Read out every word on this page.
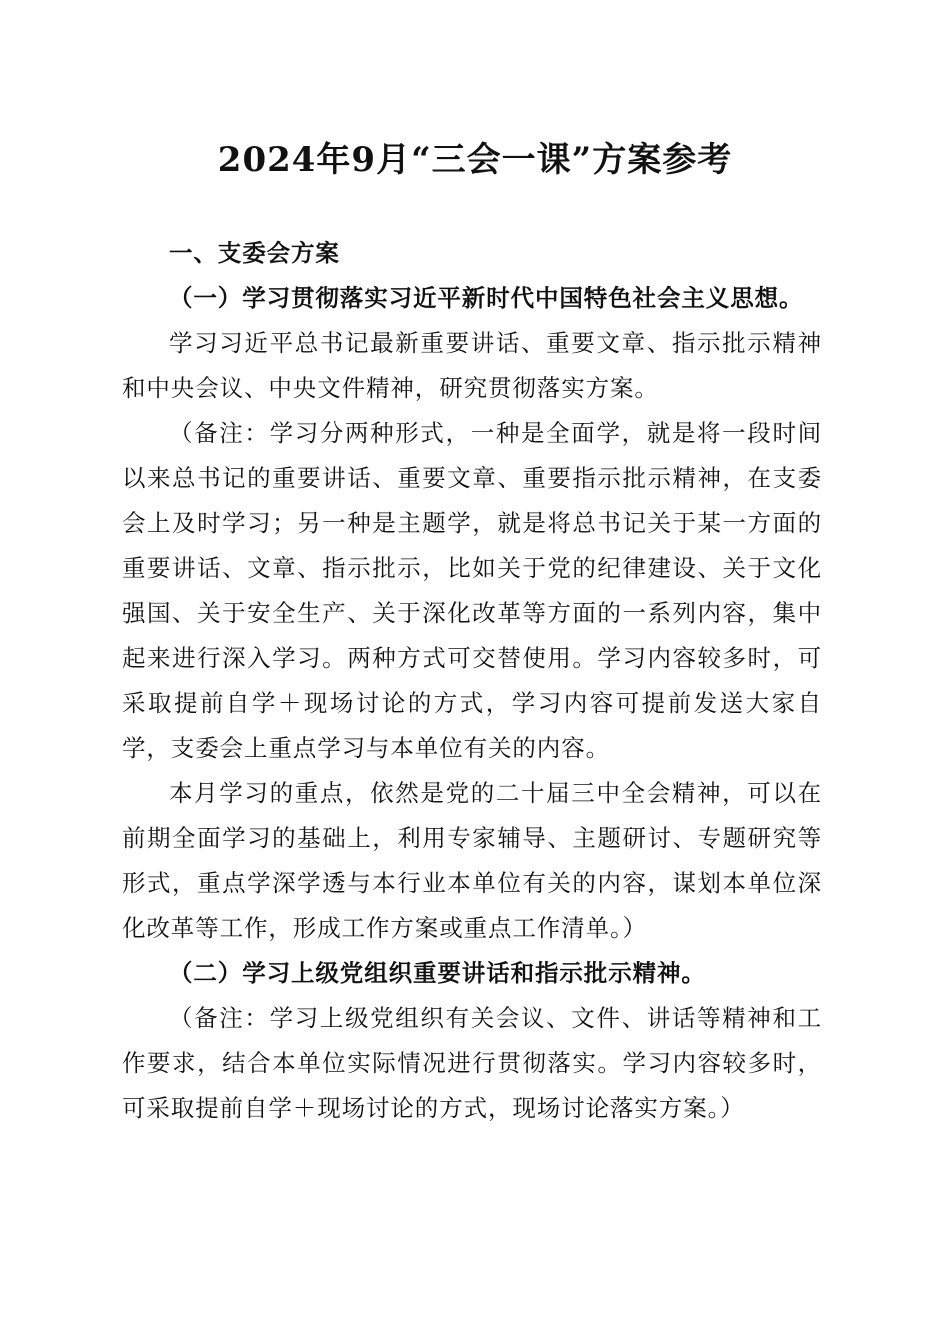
2024年9月“三会一课”方案参考

一、支委会方案

（一）学习贯彻落实习近平新时代中国特色社会主义思想。

学习习近平总书记最新重要讲话、重要文章、指示批示精神和中央会议、中央文件精神，研究贯彻落实方案。

（备注：学习分两种形式，一种是全面学，就是将一段时间以来总书记的重要讲话、重要文章、重要指示批示精神，在支委会上及时学习；另一种是主题学，就是将总书记关于某一方面的重要讲话、文章、指示批示，比如关于党的纪律建设、关于文化强国、关于安全生产、关于深化改革等方面的一系列内容，集中起来进行深入学习。两种方式可交替使用。学习内容较多时，可采取提前自学＋现场讨论的方式，学习内容可提前发送大家自学，支委会上重点学习与本单位有关的内容。

本月学习的重点，依然是党的二十届三中全会精神，可以在前期全面学习的基础上，利用专家辅导、主题研讨、专题研究等形式，重点学深学透与本行业本单位有关的内容，谋划本单位深化改革等工作，形成工作方案或重点工作清单。）

（二）学习上级党组织重要讲话和指示批示精神。

（备注：学习上级党组织有关会议、文件、讲话等精神和工作要求，结合本单位实际情况进行贯彻落实。学习内容较多时，可采取提前自学＋现场讨论的方式，现场讨论落实方案。）
